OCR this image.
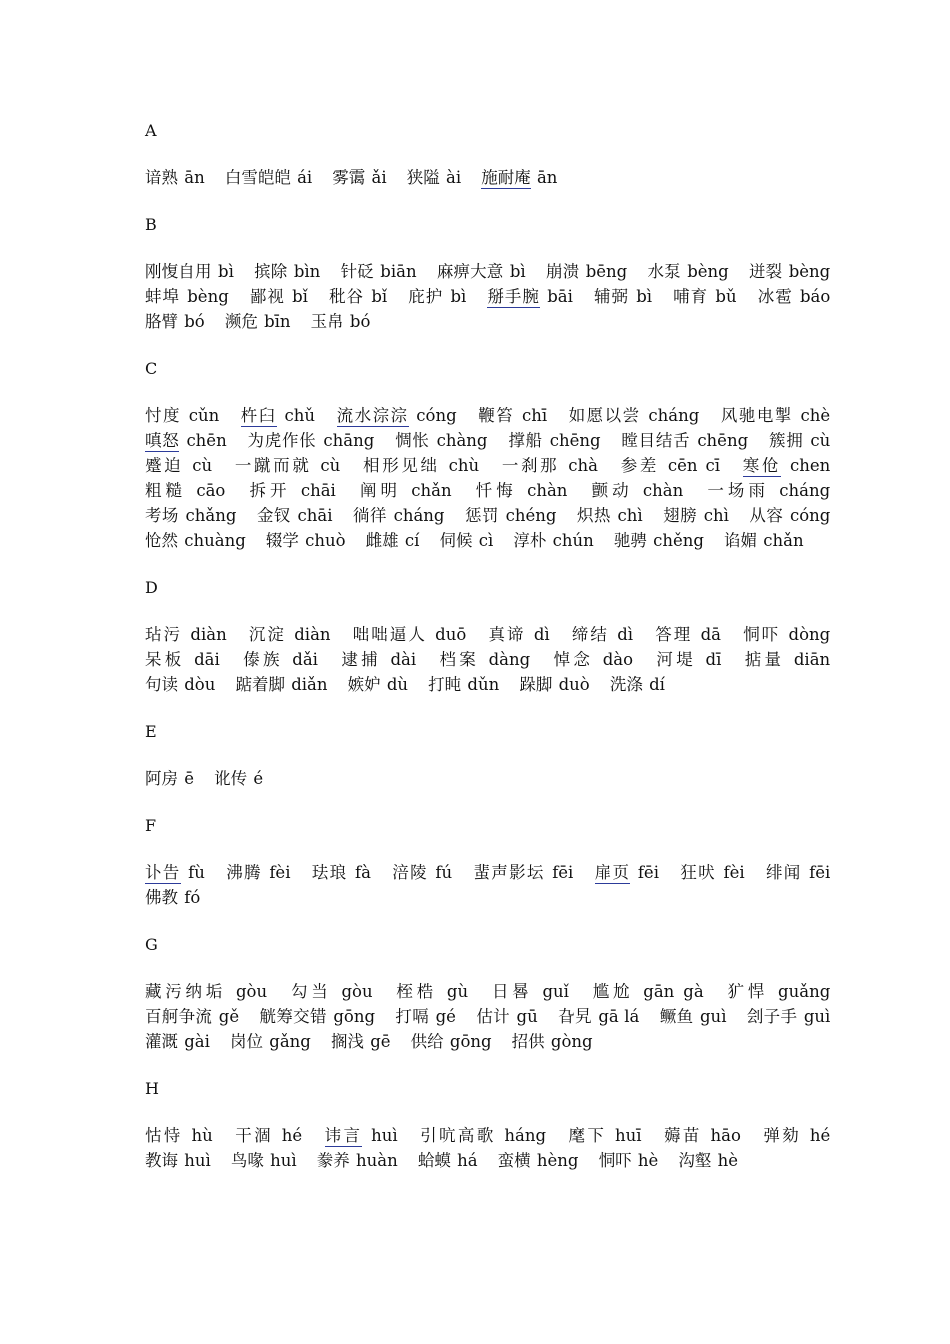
A

谙熟 ān 白雪皑皑 ái 雾霭 ǎi 狭隘 ài 施耐庵 ān

B

刚愎自用 bì 摈除 bìn 针砭 biān 麻痹大意 bì 崩溃 bēng 水泵 bèng 迸裂 bèng 蚌埠 bèng 鄙视 bǐ 秕谷 bǐ 庇护 bì 掰手腕 bāi 辅弼 bì 哺育 bǔ 冰雹 báo 胳臂 bó 濒危 bīn 玉帛 bó

C

忖度 cǔn 杵臼 chǔ 流水淙淙 cóng 鞭笞 chī 如愿以尝 cháng 风驰电掣 chè 嗔怒 chēn 为虎作伥 chāng 惆怅 chàng 撑船 chēng 瞠目结舌 chēng 簇拥 cù 蹙迫 cù 一蹴而就 cù 相形见绌 chù 一刹那 chà 参差 cēn cī 寒伧 chen 粗糙 cāo 拆开 chāi 阐明 chǎn 忏悔 chàn 颤动 chàn 一场雨 cháng 考场 chǎng 金钗 chāi 徜徉 cháng 惩罚 chéng 炽热 chì 翅膀 chì 从容 cóng 怆然 chuàng 辍学 chuò 雌雄 cí 伺候 cì 淳朴 chún 驰骋 chěng 谄媚 chǎn

D

玷污 diàn 沉淀 diàn 咄咄逼人 duō 真谛 dì 缔结 dì 答理 dā 恫吓 dòng 呆板 dāi 傣族 dǎi 逮捕 dài 档案 dàng 悼念 dào 河堤 dī 掂量 diān 句读 dòu 踮着脚 diǎn 嫉妒 dù 打盹 dǔn 跺脚 duò 洗涤 dí

E

阿房 ē 讹传 é

F

讣告 fù 沸腾 fèi 珐琅 fà 涪陵 fú 蜚声影坛 fēi 扉页 fēi 狂吠 fèi 绯闻 fēi 佛教 fó

G

藏污纳垢 gòu 勾当 gòu 桎梏 gù 日晷 guǐ 尴尬 gān gà 犷悍 guǎng 百舸争流 gě 觥筹交错 gōng 打嗝 gé 估计 gū 旮旯 gā lá 鳜鱼 guì 刽子手 guì 灌溉 gài 岗位 gǎng 搁浅 gē 供给 gōng 招供 gòng

H

怙恃 hù 干涸 hé 讳言 huì 引吭高歌 háng 麾下 huī 薅苗 hāo 弹劾 hé 教诲 huì 鸟喙 huì 豢养 huàn 蛤蟆 há 蛮横 hèng 恫吓 hè 沟壑 hè
